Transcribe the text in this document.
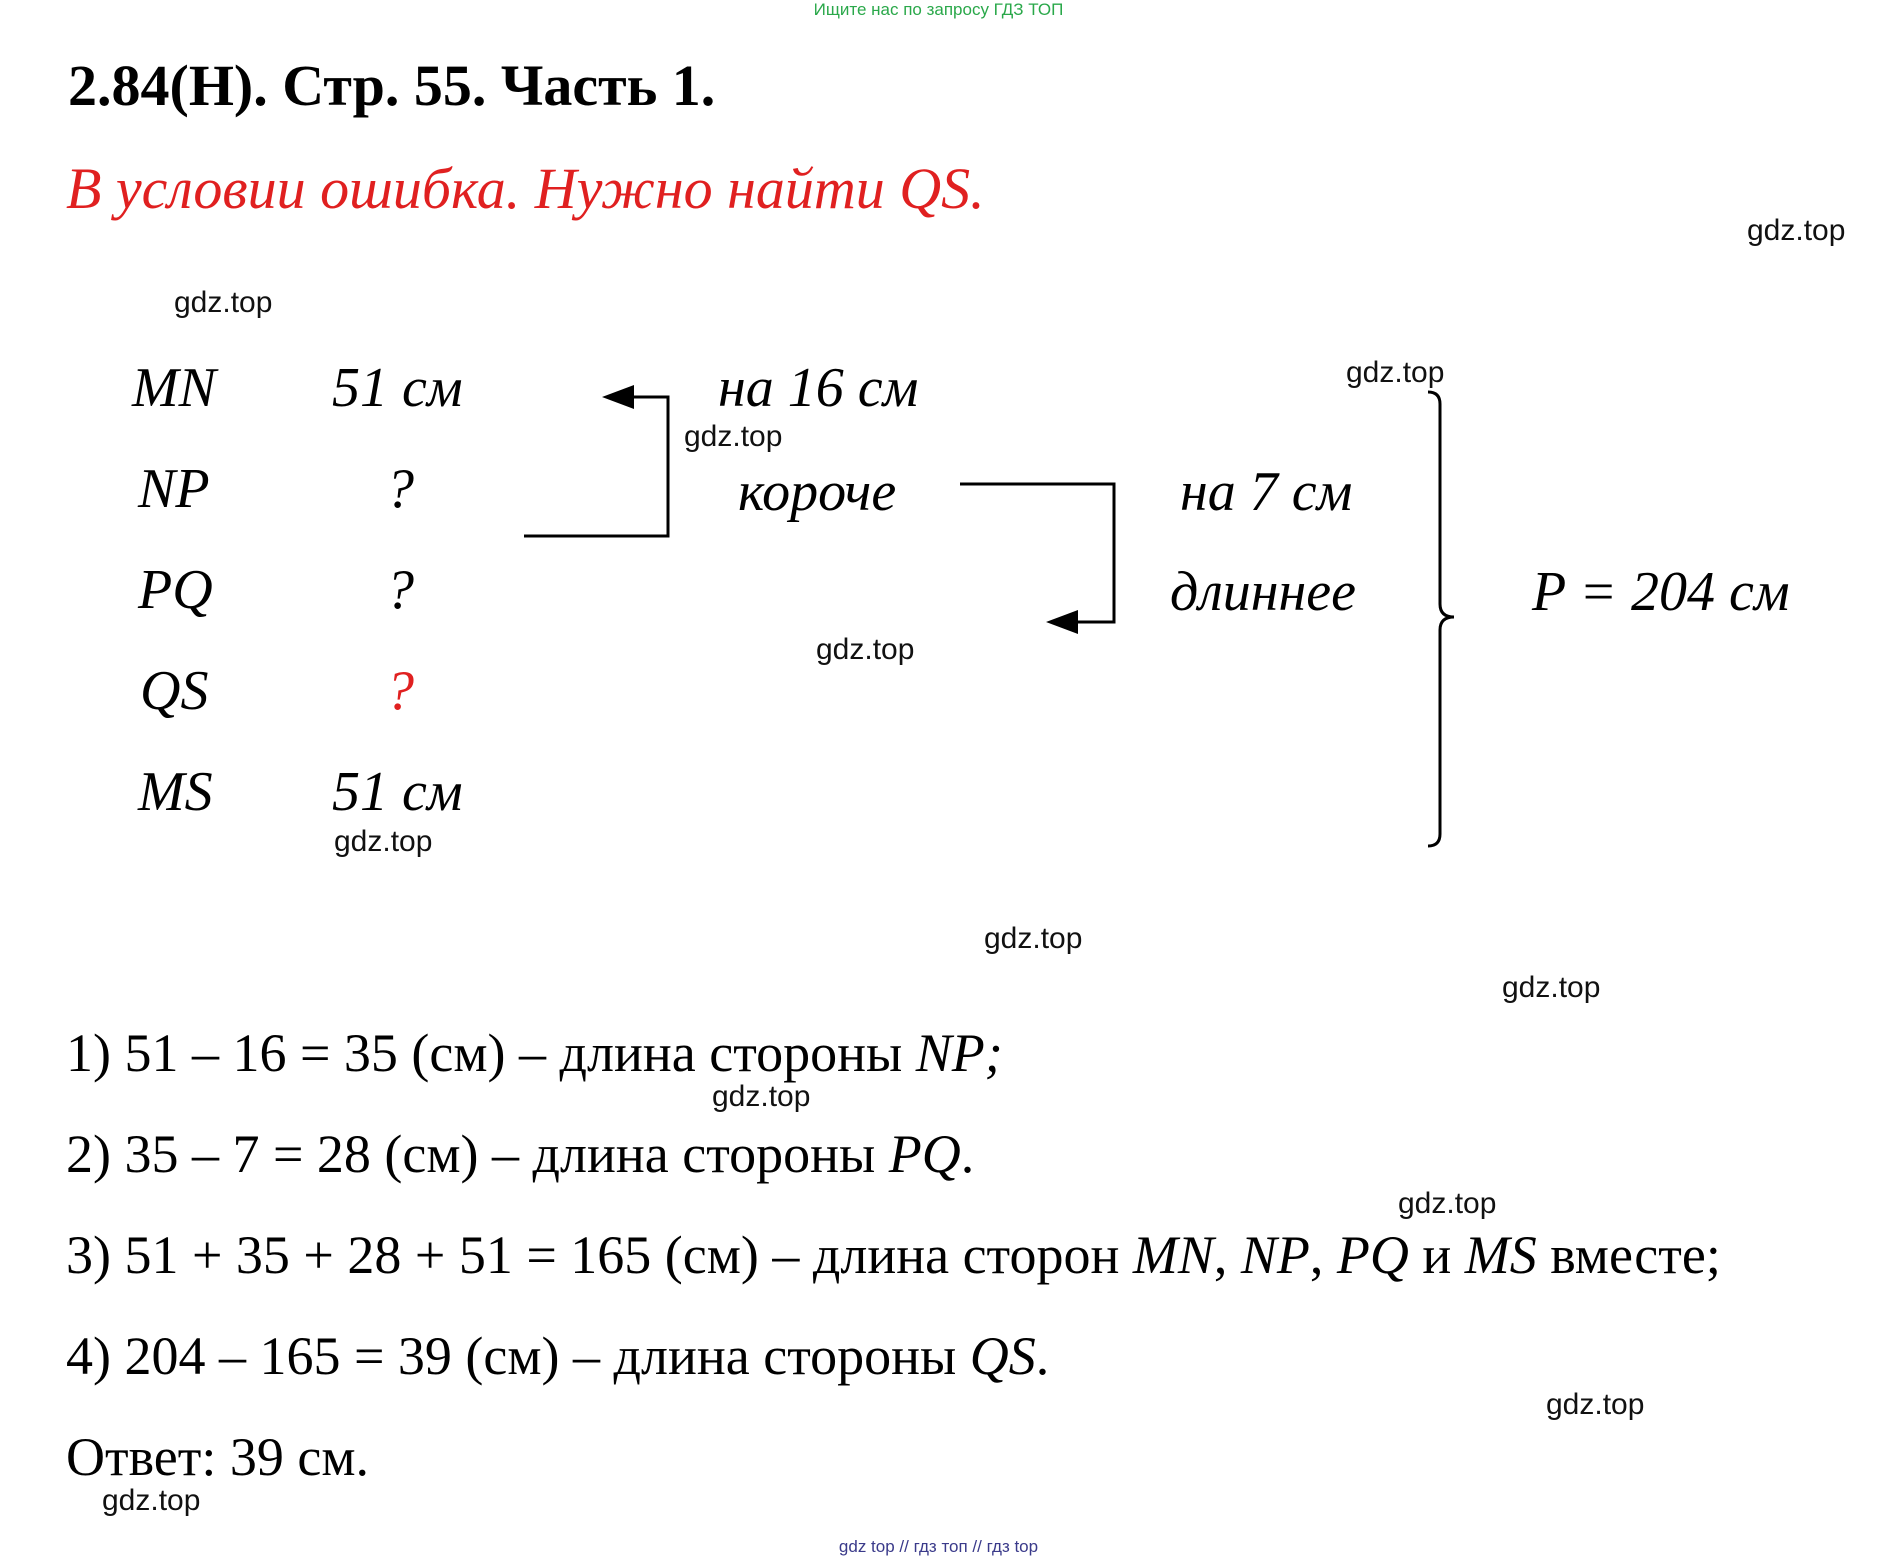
Ищите нас по запросу ГДЗ ТОП
2.84(Н). Стр. 55. Часть 1.
В условии ошибка. Нужно найти QS.
gdz.top
gdz.top
gdz.top
gdz.top
gdz.top
gdz.top
gdz.top
gdz.top
gdz.top
gdz.top
gdz.top
gdz.top
MN
NP
PQ
QS
MS
51 см
?
?
?
51 см
на 16 см
короче	на 7 см
длиннее	P = 204 см
1) 51 – 16 = 35 (см) – длина стороны NP;
2) 35 – 7 = 28 (см) – длина стороны PQ.
3) 51 + 35 + 28 + 51 = 165 (см) – длина сторон MN, NP, PQ и MS вместе;
4) 204 – 165 = 39 (см) – длина стороны QS.
Ответ: 39 см.
gdz top // гдз топ // гдз top
